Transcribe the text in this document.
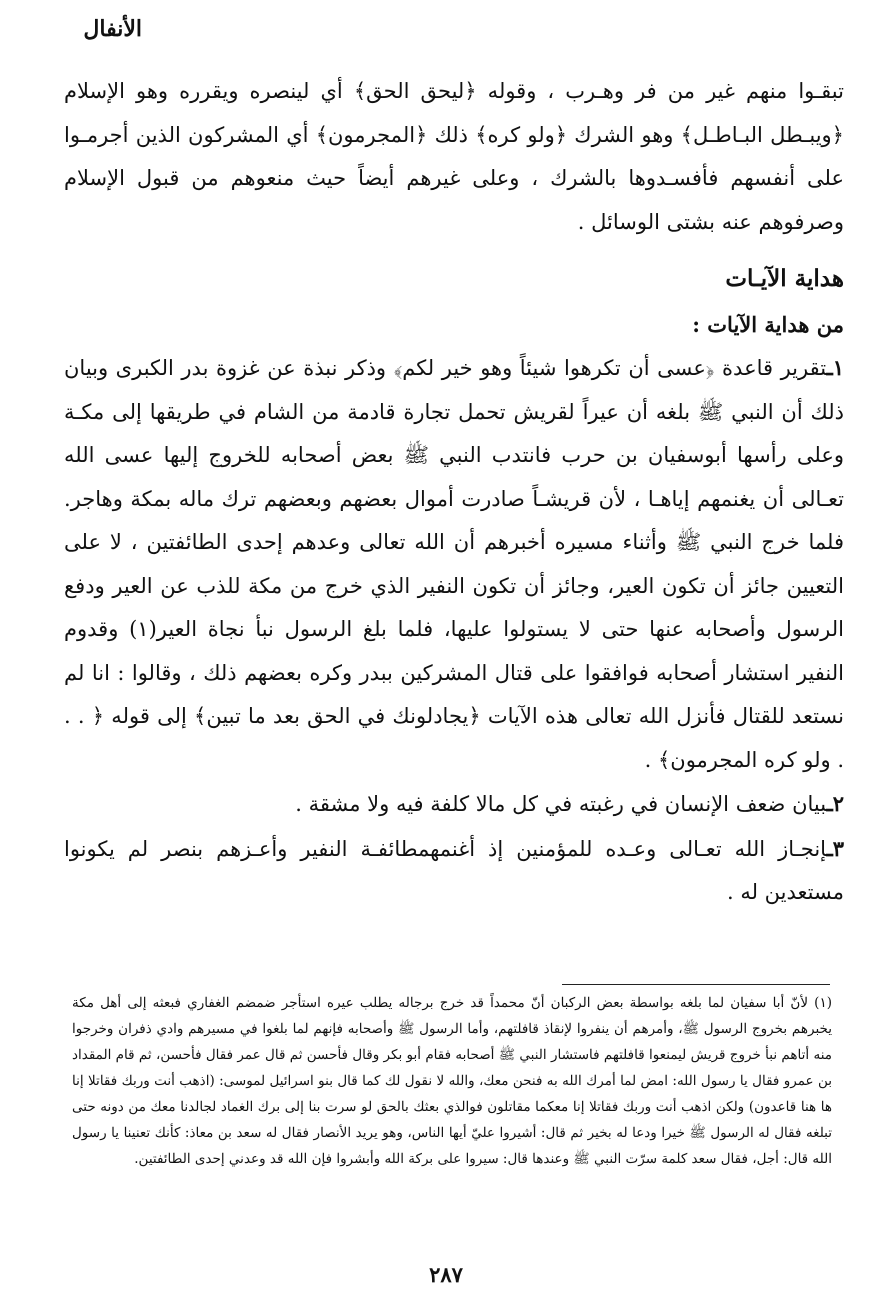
الأنفال

تبقـوا منهم غير من فر وهـرب ، وقوله ﴿ليحق الحق﴾ أي لينصره ويقرره وهو الإسلام ﴿ويبـطل البـاطـل﴾ وهو الشرك ﴿ولو كره﴾ ذلك ﴿المجرمون﴾ أي المشركون الذين أجرمـوا على أنفسهم فأفسـدوها بالشرك ، وعلى غيرهم أيضاً حيث منعوهم من قبول الإسلام وصرفوهم عنه بشتى الوسائل .

هداية الآيـات
من هداية الآيات :

١ـتقرير قاعدة ﴿عسى أن تكرهوا شيئاً وهو خير لكم﴾ وذكر نبذة عن غزوة بدر الكبرى وبيان ذلك أن النبي ﷺ بلغه أن عيراً لقريش تحمل تجارة قادمة من الشام في طريقها إلى مكـة وعلى رأسها أبوسفيان بن حرب فانتدب النبي ﷺ بعض أصحابه للخروج إليها عسى الله تعـالى أن يغنمهم إياهـا ، لأن قريشـاً صادرت أموال بعضهم وبعضهم ترك ماله بمكة وهاجر. فلما خرج النبي ﷺ وأثناء مسيره أخبرهم أن الله تعالى وعدهم إحدى الطائفتين ، لا على التعيين جائز أن تكون العير، وجائز أن تكون النفير الذي خرج من مكة للذب عن العير ودفع الرسول وأصحابه عنها حتى لا يستولوا عليها، فلما بلغ الرسول نبأ نجاة العير(١) وقدوم النفير استشار أصحابه فوافقوا على قتال المشركين ببدر وكره بعضهم ذلك ، وقالوا : انا لم نستعد للقتال فأنزل الله تعالى هذه الآيات ﴿يجادلونك في الحق بعد ما تبين﴾ إلى قوله ﴿ . . . ولو كره المجرمون﴾ .

٢ـبيان ضعف الإنسان في رغبته في كل مالا كلفة فيه ولا مشقة .

٣ـإنجـاز الله تعـالى وعـده للمؤمنين إذ أغنمهمطائفـة النفير وأعـزهم بنصر لم يكونوا مستعدين له .

(١) لأنّ أبا سفيان لما بلغه بواسطة بعض الركبان أنّ محمداً قد خرج برجاله يطلب عيره استأجر ضمضم الغفاري فبعثه إلى أهل مكة يخبرهم بخروج الرسول ﷺ، وأمرهم أن ينفروا لإنقاذ قافلتهم، وأما الرسول ﷺ وأصحابه فإنهم لما بلغوا في مسيرهم وادي ذفران وخرجوا منه أتاهم نبأ خروج قريش ليمنعوا قافلتهم فاستشار النبي ﷺ أصحابه فقام أبو بكر وقال فأحسن ثم قال عمر فقال فأحسن، ثم قام المقداد بن عمرو فقال يا رسول الله: امض لما أمرك الله به فنحن معك، والله لا نقول لك كما قال بنو اسرائيل لموسى: (اذهب أنت وربك فقاتلا إنا ها هنا قاعدون) ولكن اذهب أنت وربك فقاتلا إنا معكما مقاتلون فوالذي بعثك بالحق لو سرت بنا إلى برك الغماد لجالدنا معك من دونه حتى تبلغه فقال له الرسول ﷺ خيرا ودعا له بخير ثم قال: أشيروا عليّ أيها الناس، وهو يريد الأنصار فقال له سعد بن معاذ: كأنك تعنينا يا رسول الله قال: أجل، فقال سعد كلمة سرّت النبي ﷺ وعندها قال: سيروا على بركة الله وأبشروا فإن الله قد وعدني إحدى الطائفتين.

٢٨٧
